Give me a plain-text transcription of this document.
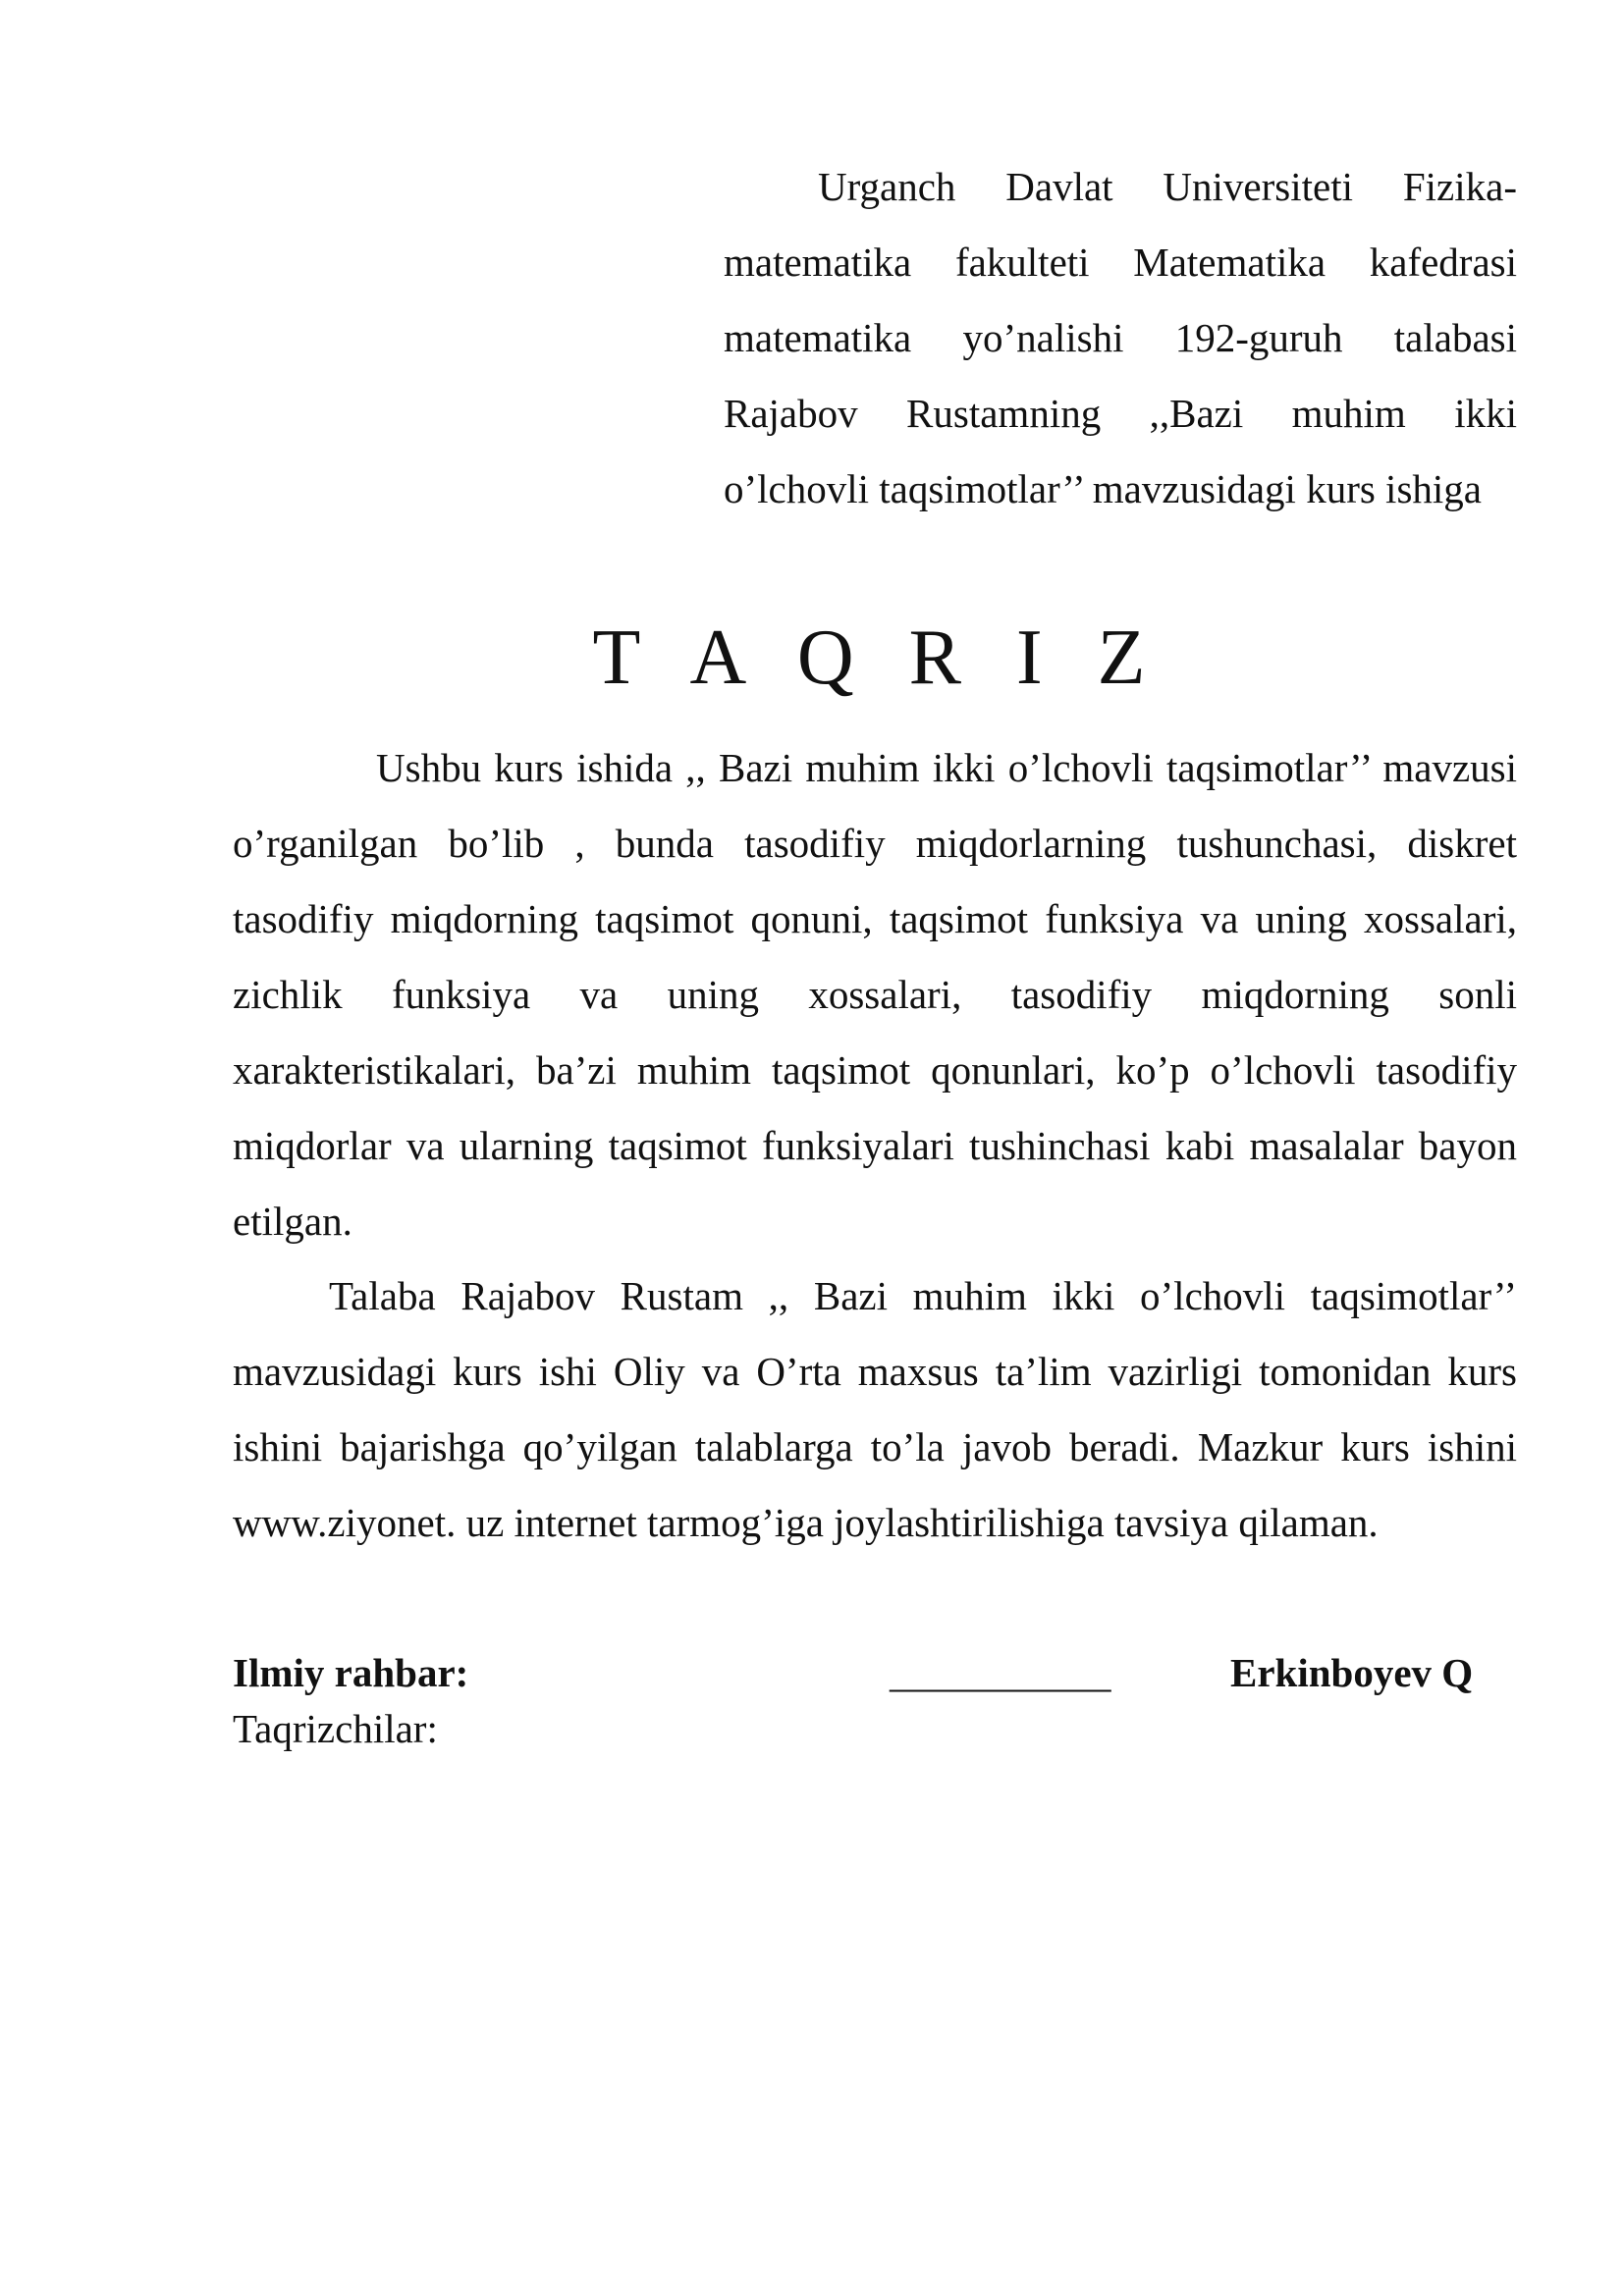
Urganch Davlat Universiteti Fizika-matematika fakulteti Matematika kafedrasi matematika yo’nalishi 192-guruh talabasi Rajabov Rustamning ,,Bazi muhim ikki o’lchovli taqsimotlar’’ mavzusidagi kurs ishiga

T A Q R I Z

Ushbu kurs ishida ,, Bazi muhim ikki o’lchovli taqsimotlar’’ mavzusi o’rganilgan bo’lib , bunda tasodifiy miqdorlarning tushunchasi, diskret tasodifiy miqdorning taqsimot qonuni, taqsimot funksiya va uning xossalari, zichlik funksiya va uning xossalari, tasodifiy miqdorning sonli xarakteristikalari, ba’zi muhim taqsimot qonunlari, ko’p o’lchovli tasodifiy miqdorlar va ularning taqsimot funksiyalari tushinchasi kabi masalalar bayon etilgan.

Talaba Rajabov Rustam ,, Bazi muhim ikki o’lchovli taqsimotlar’’ mavzusidagi kurs ishi Oliy va O’rta maxsus ta’lim vazirligi tomonidan kurs ishini bajarishga qo’yilgan talablarga to’la javob beradi. Mazkur kurs ishini www.ziyonet. uz internet tarmog’iga joylashtirilishiga tavsiya qilaman.

Ilmiy rahbar:	___________	Erkinboyev Q

Taqrizchilar:
